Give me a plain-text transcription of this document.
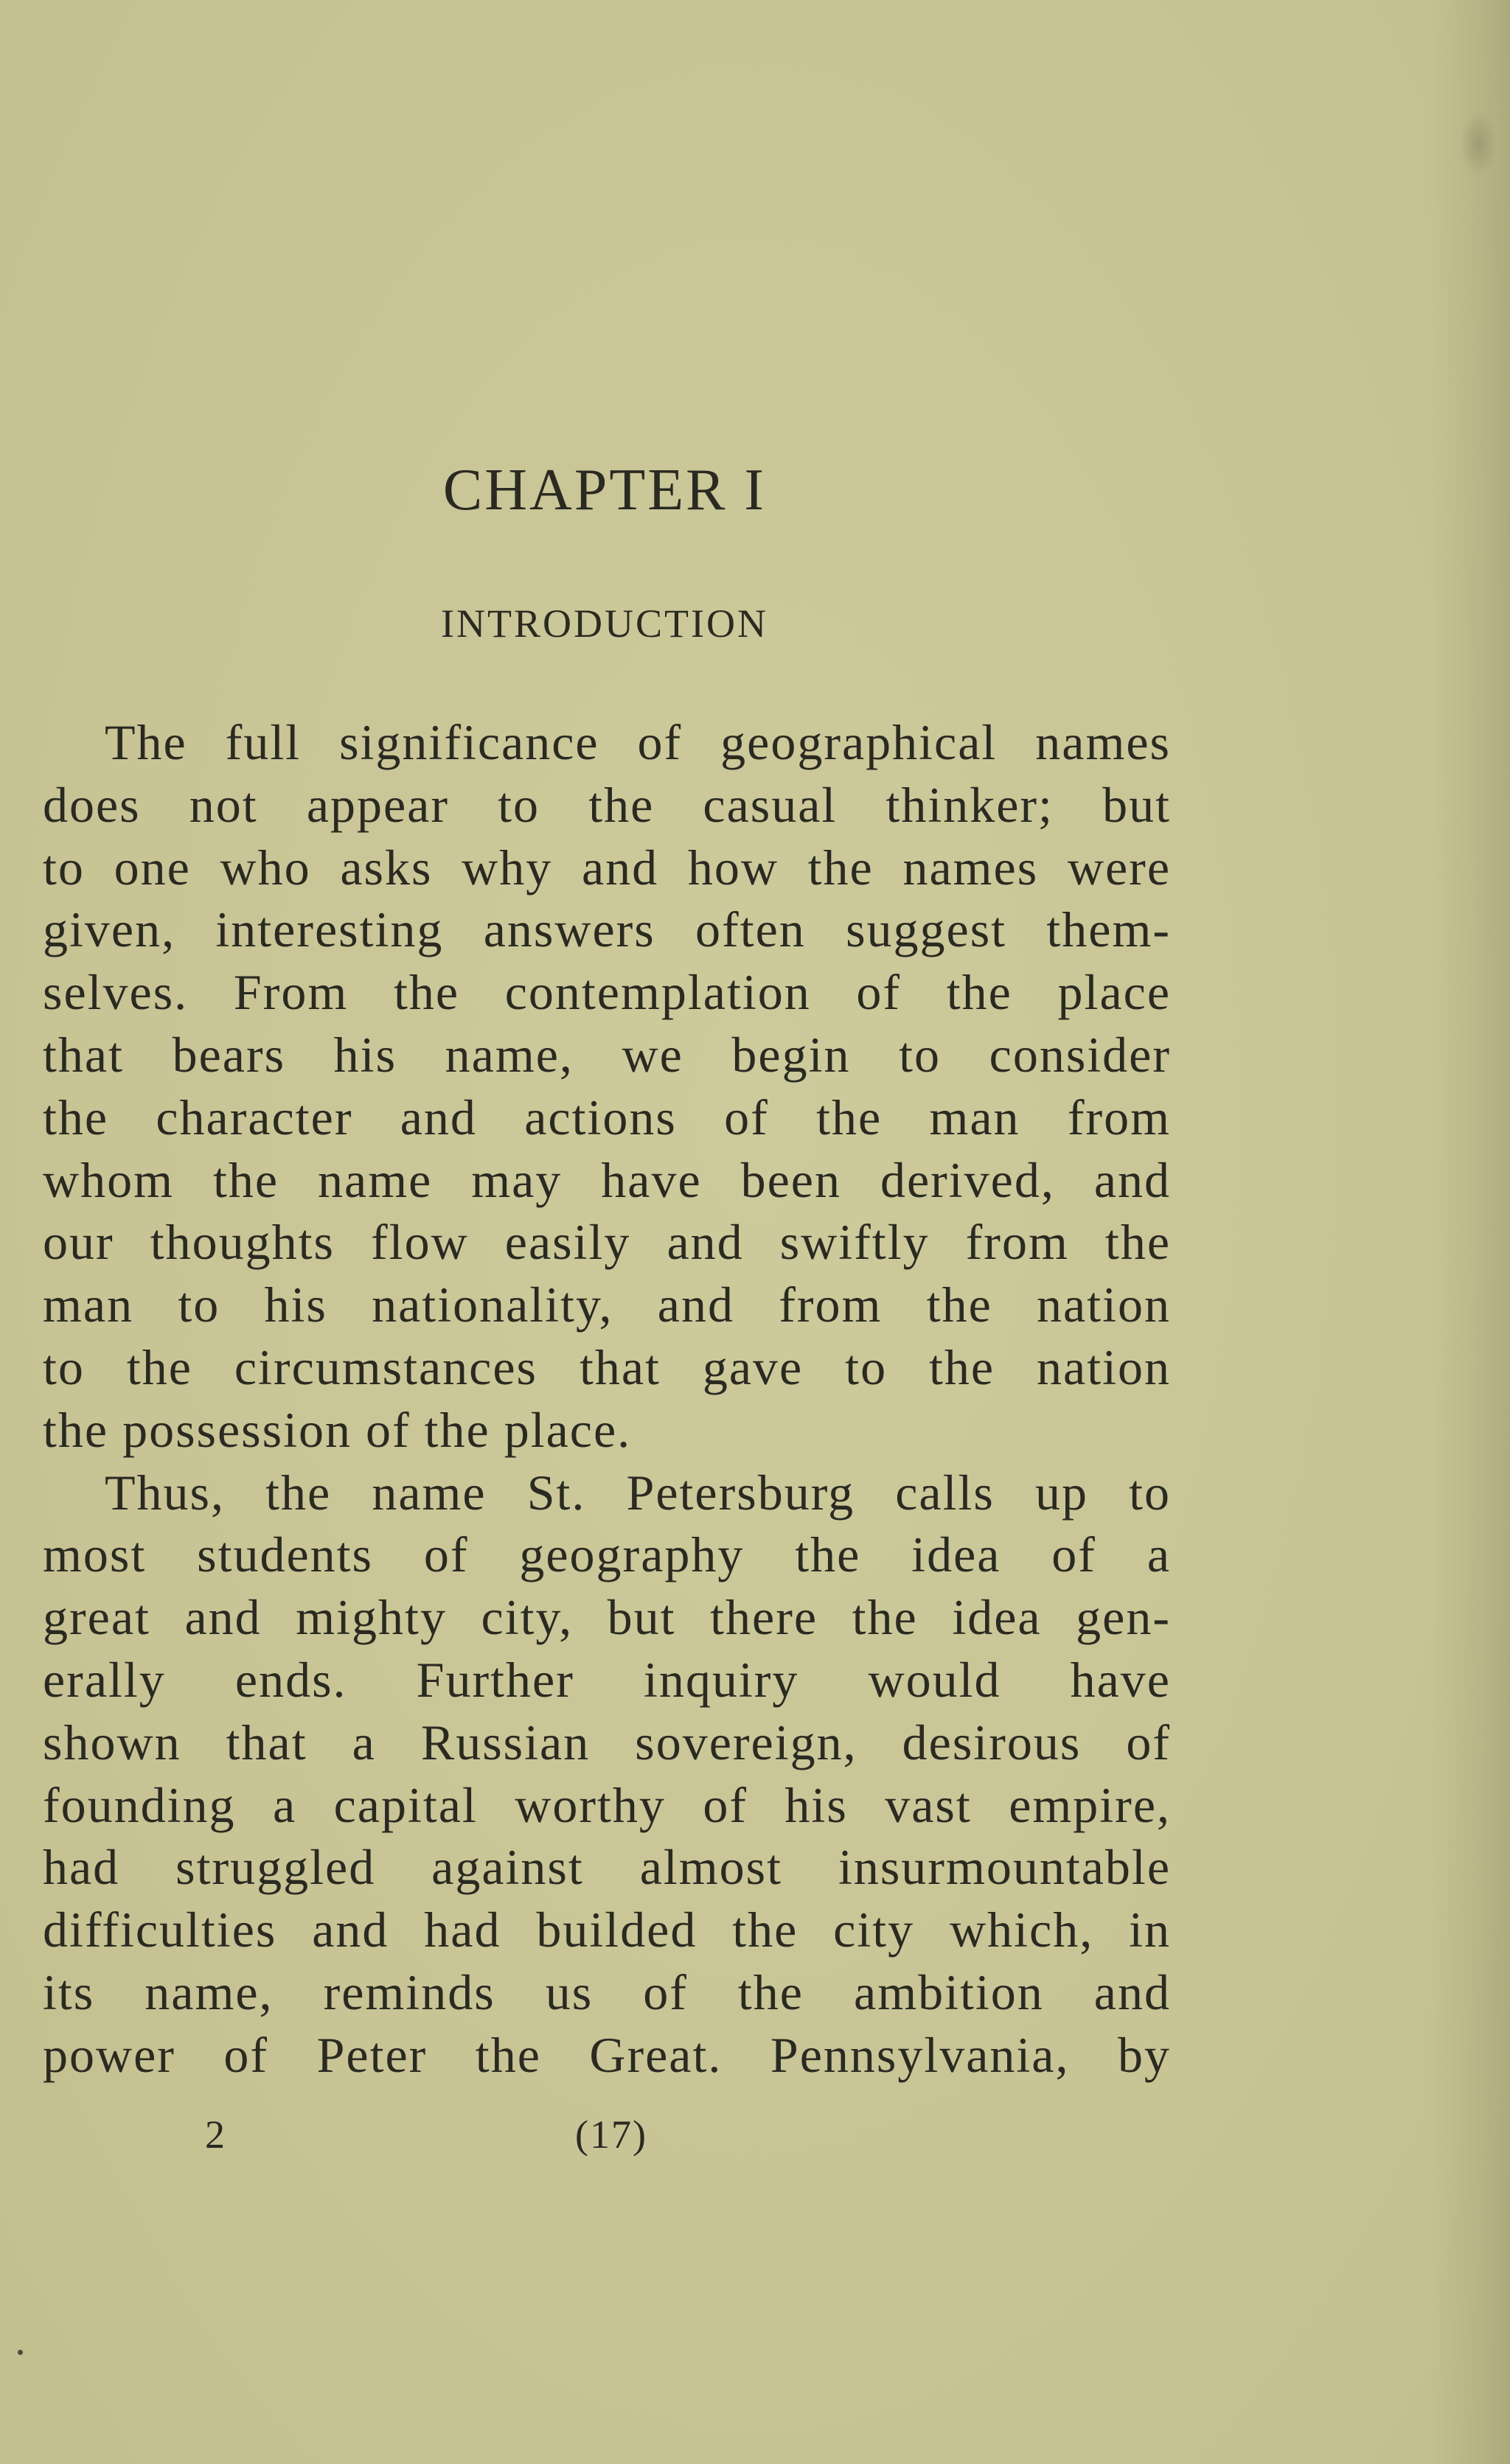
CHAPTER I
INTRODUCTION
The full significance of geographical names
does not appear to the casual thinker; but
to one who asks why and how the names were
given, interesting answers often suggest them-
selves. From the contemplation of the place
that bears his name, we begin to consider
the character and actions of the man from
whom the name may have been derived, and
our thoughts flow easily and swiftly from the
man to his nationality, and from the nation
to the circumstances that gave to the nation
the possession of the place.
Thus, the name St. Petersburg calls up to
most students of geography the idea of a
great and mighty city, but there the idea gen-
erally ends. Further inquiry would have
shown that a Russian sovereign, desirous of
founding a capital worthy of his vast empire,
had struggled against almost insurmountable
difficulties and had builded the city which, in
its name, reminds us of the ambition and
power of Peter the Great. Pennsylvania, by
2	(17)
